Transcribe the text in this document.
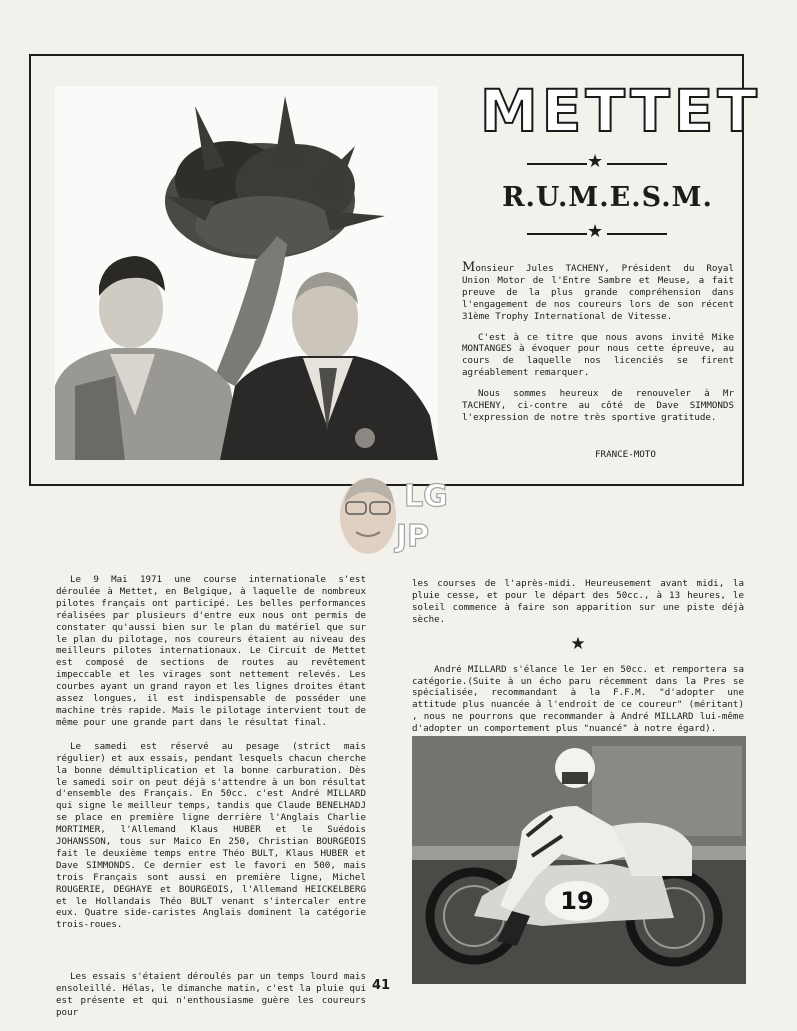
METTET
★
R.U.M.E.S.M.
★

Monsieur Jules TACHENY, Président du Royal Union Motor de l'Entre Sambre et Meuse, a fait preuve de la plus grande compréhension dans l'engagement de nos coureurs lors de son récent 31ème Trophy International de Vitesse.

C'est à ce titre que nous avons invité Mike MONTANGES à évoquer pour nous cette épreuve, au cours de laquelle nos licenciés se firent agréablement remarquer.

Nous sommes heureux de renouveler à Mr TACHENY, ci-contre au côté de Dave SIMMONDS l'expression de notre très sportive gratitude.

FRANCE-MOTO
LG
JP

Le 9 Mai 1971 une course internationale s'est déroulée à Mettet, en Belgique, à laquelle de nombreux pilotes français ont participé. Les belles performances réalisées par plusieurs d'entre eux nous ont permis de constater qu'aussi bien sur le plan du matériel que sur le plan du pilotage, nos coureurs étaient au niveau des meilleurs pilotes internationaux. Le Circuit de Mettet est composé de sections de routes au revêtement impeccable et les virages sont nettement relevés. Les courbes ayant un grand rayon et les lignes droites étant assez longues, il est indispensable de posséder une machine très rapide. Mais le pilotage intervient tout de même pour une grande part dans le résultat final.

Le samedi est réservé au pesage (strict mais régulier) et aux essais, pendant lesquels chacun cherche la bonne démultiplication et la bonne carburation. Dès le samedi soir on peut déjà s'attendre à un bon résultat d'ensemble des Français. En 50cc. c'est André MILLARD qui signe le meilleur temps, tandis que Claude BENELHADJ se place en première ligne derrière l'Anglais Charlie MORTIMER, l'Allemand Klaus HUBER et le Suédois JOHANSSON, tous sur Maico En 250, Christian BOURGEOIS fait le deuxième temps entre Théo BULT, Klaus HUBER et Dave SIMMONDS. Ce dernier est le favori en 500, mais trois Français sont aussi en première ligne, Michel ROUGERIE, DEGHAYE et BOURGEOIS, l'Allemand HEICKELBERG et le Hollandais Théo BULT venant s'intercaler entre eux. Quatre side-caristes Anglais dominent la catégorie trois-roues.

Les essais s'étaient déroulés par un temps lourd mais ensoleillé. Hélas, le dimanche matin, c'est la pluie qui est présente et qui n'enthousiasme guère les coureurs pour

les courses de l'après-midi. Heureusement avant midi, la pluie cesse, et pour le départ des 50cc., à 13 heures, le soleil commence à faire son apparition sur une piste déjà sèche.

★

André MILLARD s'élance le 1er en 50cc. et remportera sa catégorie.(Suite à un écho paru récemment dans la Pres se spécialisée, recommandant à la F.F.M. "d'adopter une attitude plus nuancée à l'endroit de ce coureur" (méritant) , nous ne pourrons que recommander à André MILLARD lui-même d'adopter un comportement plus "nuancé" à notre égard).

19
41
